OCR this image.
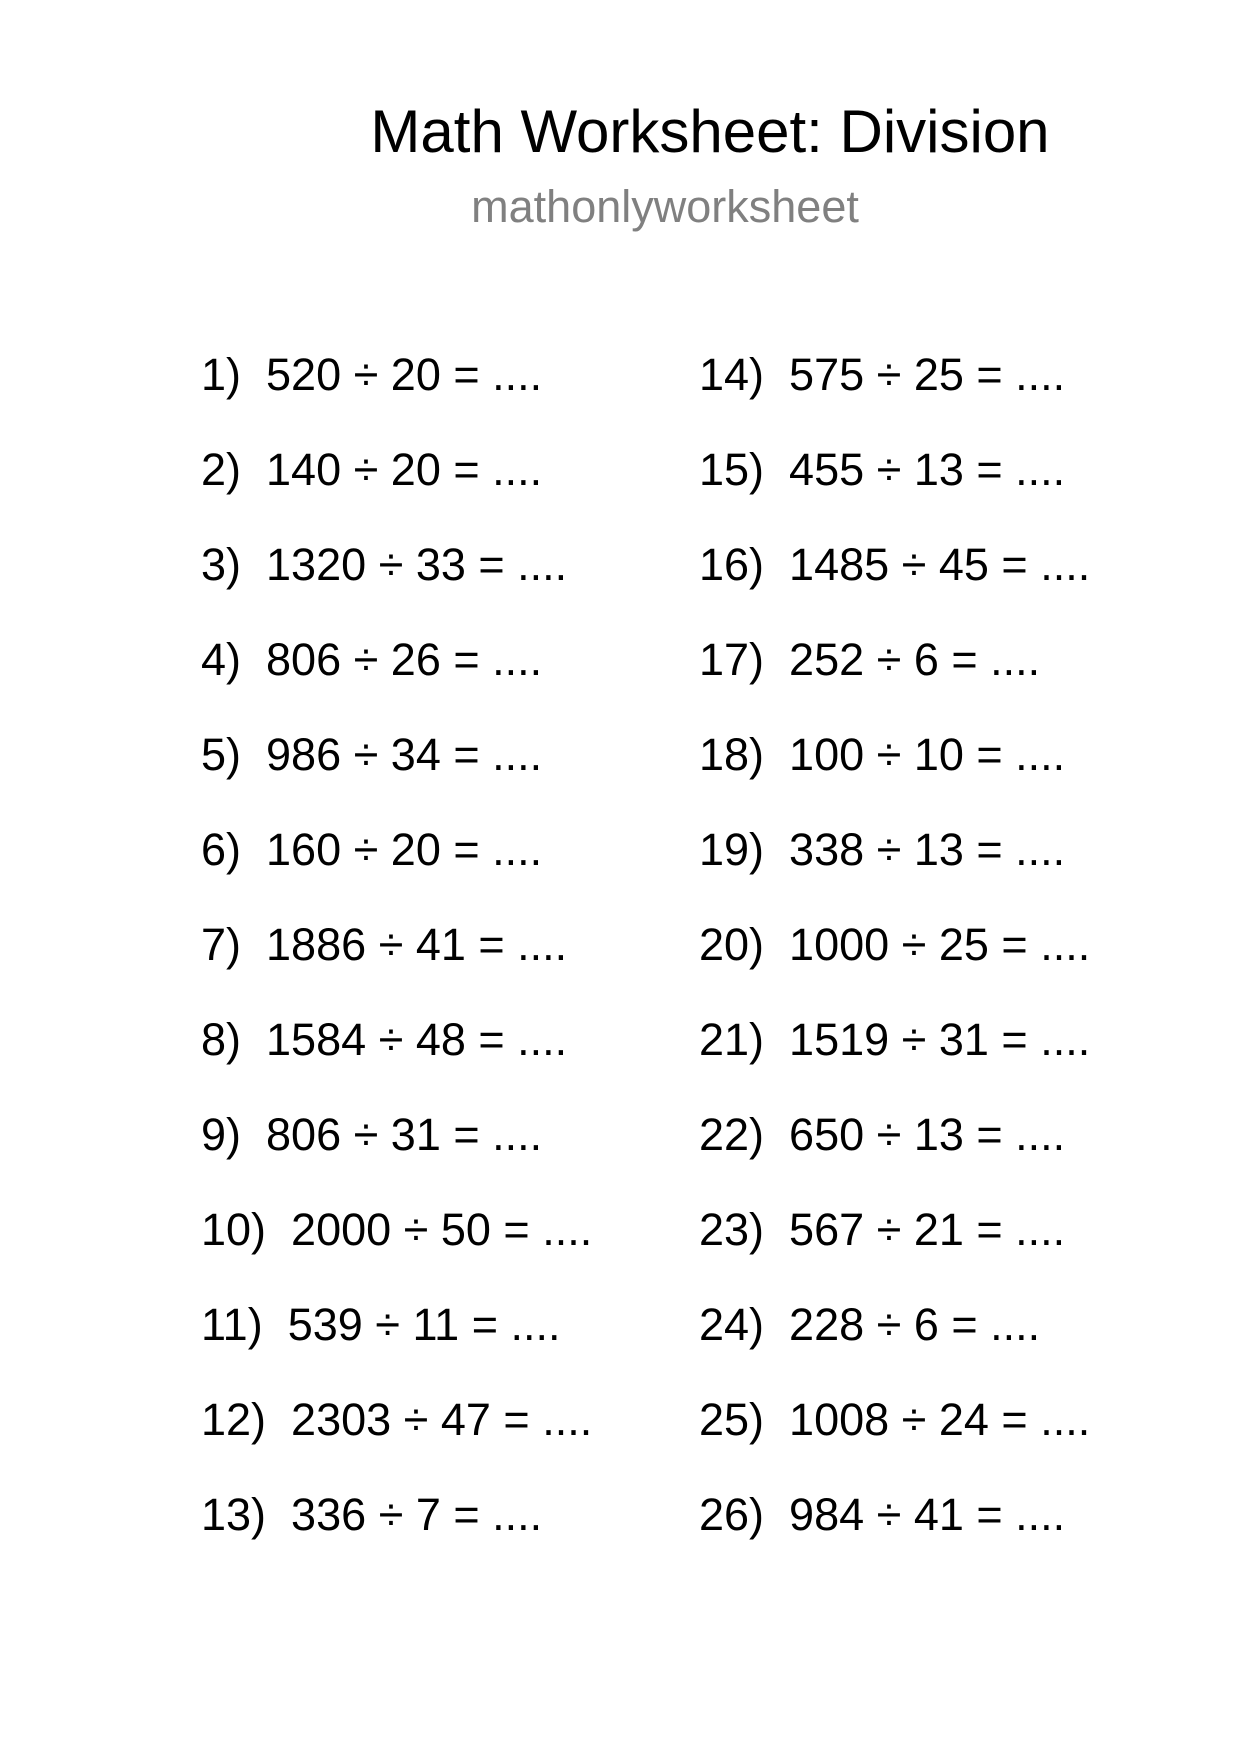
Math Worksheet: Division
mathonlyworksheet
1) 520 ÷ 20 = ....
2) 140 ÷ 20 = ....
3) 1320 ÷ 33 = ....
4) 806 ÷ 26 = ....
5) 986 ÷ 34 = ....
6) 160 ÷ 20 = ....
7) 1886 ÷ 41 = ....
8) 1584 ÷ 48 = ....
9) 806 ÷ 31 = ....
10) 2000 ÷ 50 = ....
11) 539 ÷ 11 = ....
12) 2303 ÷ 47 = ....
13) 336 ÷ 7 = ....
14) 575 ÷ 25 = ....
15) 455 ÷ 13 = ....
16) 1485 ÷ 45 = ....
17) 252 ÷ 6 = ....
18) 100 ÷ 10 = ....
19) 338 ÷ 13 = ....
20) 1000 ÷ 25 = ....
21) 1519 ÷ 31 = ....
22) 650 ÷ 13 = ....
23) 567 ÷ 21 = ....
24) 228 ÷ 6 = ....
25) 1008 ÷ 24 = ....
26) 984 ÷ 41 = ....
